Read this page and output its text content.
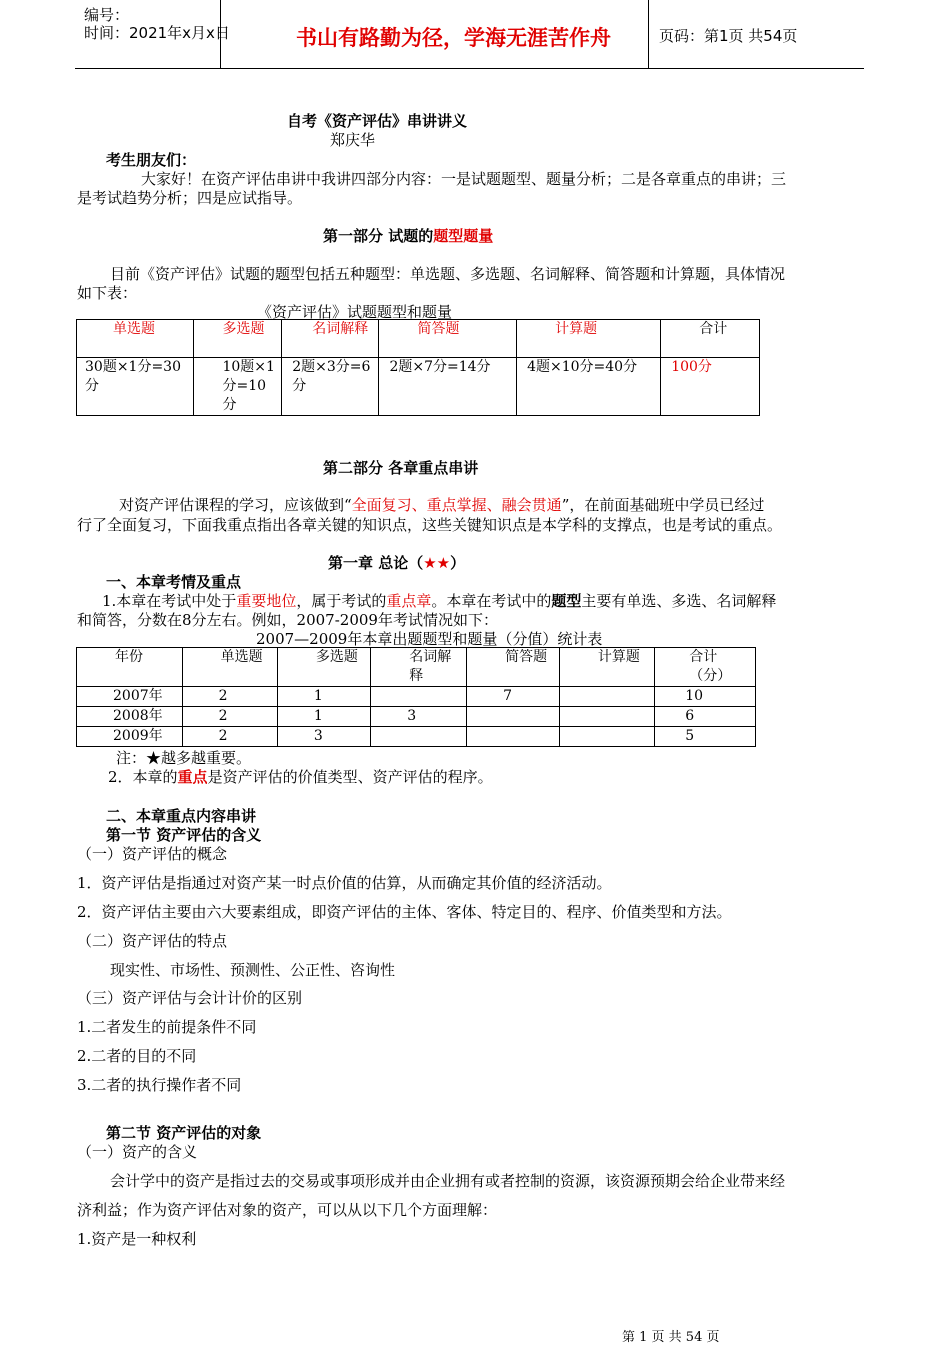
编号：
时间：2021年x月x日	书山有路勤为径，学海无涯苦作舟	页码：第1页 共54页
自考《资产评估》串讲讲义
郑庆华
考生朋友们：
大家好！在资产评估串讲中我讲四部分内容：一是试题题型、题量分析；二是各章重点的串讲；三
是考试趋势分析；四是应试指导。
第一部分 试题的题型题量
目前《资产评估》试题的题型包括五种题型：单选题、多选题、名词解释、简答题和计算题，具体情况
如下表：
《资产评估》试题题型和题量
单选题	多选题	名词解释	简答题	计算题	合计
30题×1分=30分	10题×1分=10分	2题×3分=6分	2题×7分=14分	4题×10分=40分	100分
第二部分 各章重点串讲
对资产评估课程的学习，应该做到“全面复习、重点掌握、融会贯通”，在前面基础班中学员已经过
行了全面复习，下面我重点指出各章关键的知识点，这些关键知识点是本学科的支撑点，也是考试的重点。
第一章 总论（★★）
一、本章考情及重点
1.本章在考试中处于重要地位，属于考试的重点章。本章在考试中的题型主要有单选、多选、名词解释
和简答，分数在8分左右。例如，2007-2009年考试情况如下：
2007—2009年本章出题题型和题量（分值）统计表
年份	单选题	多选题	名词解释	简答题	计算题	合计（分）
2007年	2	1		7		10
2008年	2	1	3			6
2009年	2	3				5
注：★越多越重要。
2．本章的重点是资产评估的价值类型、资产评估的程序。
二、本章重点内容串讲
第一节 资产评估的含义
（一）资产评估的概念
1．资产评估是指通过对资产某一时点价值的估算，从而确定其价值的经济活动。
2．资产评估主要由六大要素组成，即资产评估的主体、客体、特定目的、程序、价值类型和方法。
（二）资产评估的特点
现实性、市场性、预测性、公正性、咨询性
（三）资产评估与会计计价的区别
1.二者发生的前提条件不同
2.二者的目的不同
3.二者的执行操作者不同
第二节 资产评估的对象
（一）资产的含义
会计学中的资产是指过去的交易或事项形成并由企业拥有或者控制的资源，该资源预期会给企业带来经
济利益；作为资产评估对象的资产，可以从以下几个方面理解：
1.资产是一种权利
第 1 页 共 54 页
